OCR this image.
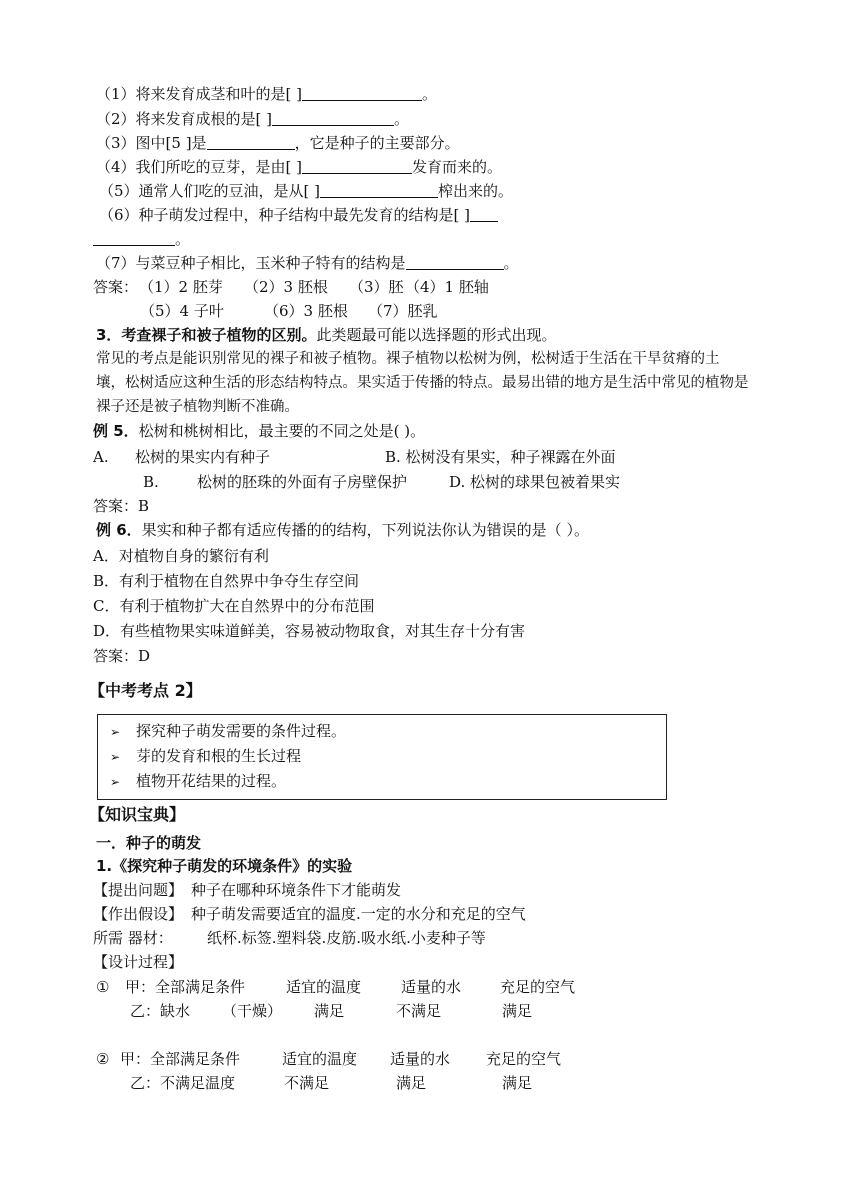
（1）将来发育成茎和叶的是[ ]	。
（2）将来发育成根的是[ ]	。
（3）图中[5 ]是	，它是种子的主要部分。
（4）我们所吃的豆芽，是由[ ]	发育而来的。
（5）通常人们吃的豆油，是从[ ]	榨出来的。
（6）种子萌发过程中，种子结构中最先发育的结构是[ ]
。
（7）与菜豆种子相比，玉米种子特有的结构是	。
答案： （1）2 胚芽 （2）3 胚根 （3）胚 （4）1 胚轴
（5）4 子叶	（6）3 胚根 （7）胚乳
3．考查裸子和被子植物的区别。此类题最可能以选择题的形式出现。
常见的考点是能识别常见的裸子和被子植物。裸子植物以松树为例，松树适于生活在干旱贫瘠的土
壤，松树适应这种生活的形态结构特点。果实适于传播的特点。最易出错的地方是生活中常见的植物是
裸子还是被子植物判断不准确。
例 5．松树和桃树相比，最主要的不同之处是( )。
A. 松树的果实内有种子	B. 松树没有果实，种子裸露在外面
B.	松树的胚珠的外面有子房壁保护	D. 松树的球果包被着果实
答案：B
例 6．果实和种子都有适应传播的的结构，下列说法你认为错误的是（ ）。
A．对植物自身的繁衍有利
B．有利于植物在自然界中争夺生存空间
C．有利于植物扩大在自然界中的分布范围
D．有些植物果实味道鲜美，容易被动物取食，对其生存十分有害
答案：D
【中考考点 2】
➢ 探究种子萌发需要的条件过程。
➢ 芽的发育和根的生长过程
➢ 植物开花结果的过程。
【知识宝典】
一．种子的萌发
1.《探究种子萌发的环境条件》的实验
【提出问题】 种子在哪种环境条件下才能萌发
【作出假设】 种子萌发需要适宜的温度.一定的水分和充足的空气
所需 器材： 纸杯.标签.塑料袋.皮筋.吸水纸.小麦种子等
【设计过程】
① 甲：全部满足条件	适宜的温度	适量的水	充足的空气
乙：缺水 （干燥） 满足	不满足	满足
② 甲：全部满足条件	适宜的温度 适量的水 充足的空气
乙：不满足温度	不满足	满足	满足
